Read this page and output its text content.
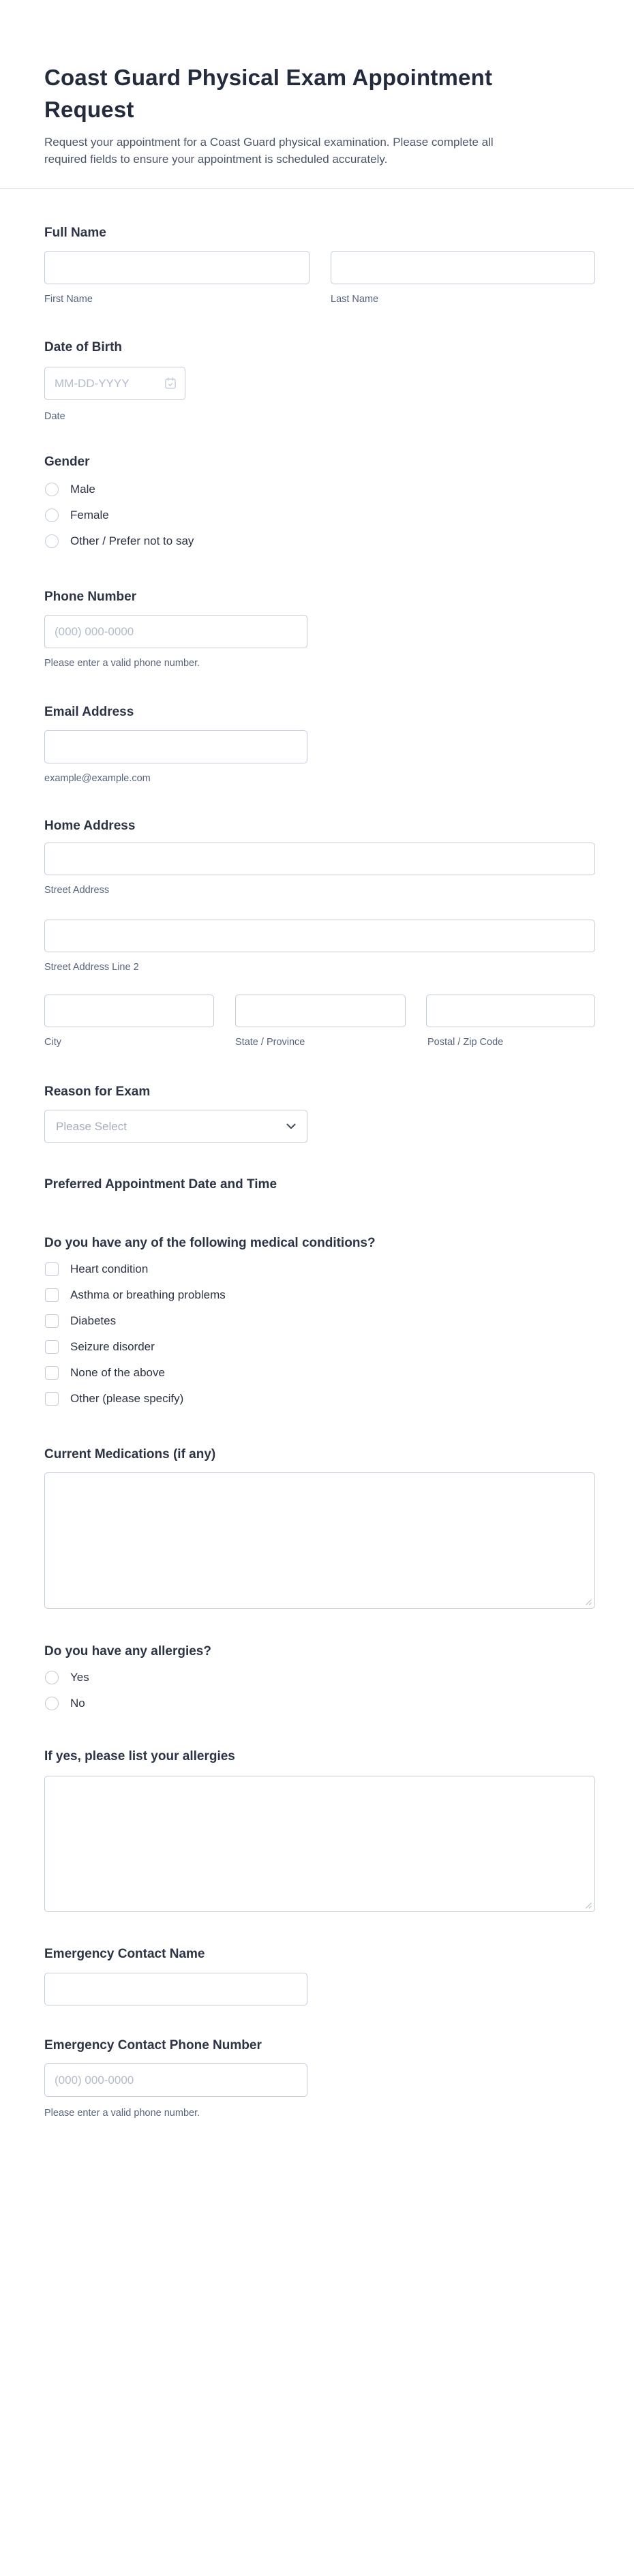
Coast Guard Physical Exam Appointment Request

Request your appointment for a Coast Guard physical examination. Please complete all required fields to ensure your appointment is scheduled accurately.

Full Name
First Name	Last Name
Date of Birth
MM-DD-YYYY
Date
Gender
Male
Female
Other / Prefer not to say
Phone Number
(000) 000-0000
Please enter a valid phone number.
Email Address
example@example.com
Home Address
Street Address
Street Address Line 2
City	State / Province	Postal / Zip Code
Reason for Exam
Please Select
Preferred Appointment Date and Time
Do you have any of the following medical conditions?
Heart condition
Asthma or breathing problems
Diabetes
Seizure disorder
None of the above
Other (please specify)
Current Medications (if any)
Do you have any allergies?
Yes
No
If yes, please list your allergies
Emergency Contact Name
Emergency Contact Phone Number
(000) 000-0000
Please enter a valid phone number.
